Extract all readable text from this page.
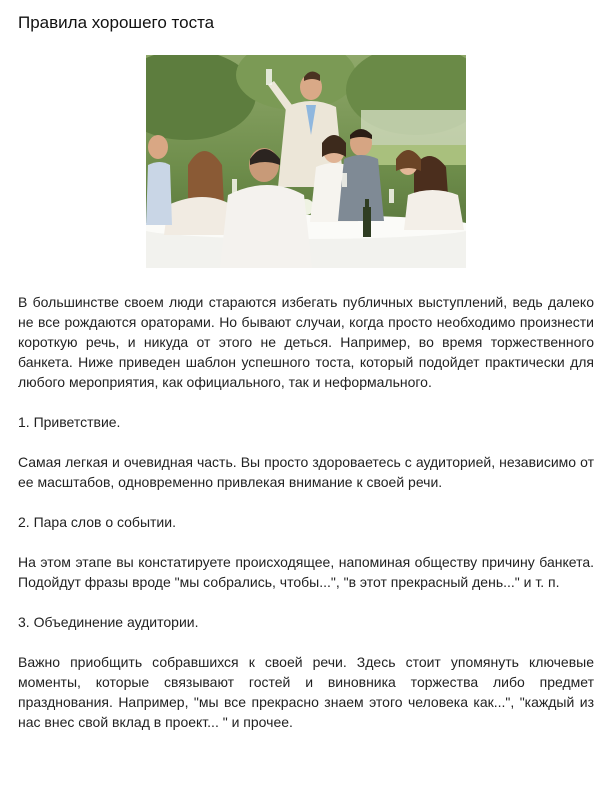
Правила хорошего тоста

В большинстве своем люди стараются избегать публичных выступлений, ведь далеко не все рождаются ораторами. Но бывают случаи, когда просто необходимо произнести короткую речь, и никуда от этого не деться. Например, во время торжественного банкета. Ниже приведен шаблон успешного тоста, который подойдет практически для любого мероприятия, как официального, так и неформального.

1. Приветствие.

Самая легкая и очевидная часть. Вы просто здороваетесь с аудиторией, независимо от ее масштабов, одновременно привлекая внимание к своей речи.

2. Пара слов о событии.

На этом этапе вы констатируете происходящее, напоминая обществу причину банкета. Подойдут фразы вроде "мы собрались, чтобы...", "в этот прекрасный день..." и т. п.

3. Объединение аудитории.

Важно приобщить собравшихся к своей речи. Здесь стоит упомянуть ключевые моменты, которые связывают гостей и виновника торжества либо предмет празднования. Например, "мы все прекрасно знаем этого человека как...", "каждый из нас внес свой вклад в проект... " и прочее.
